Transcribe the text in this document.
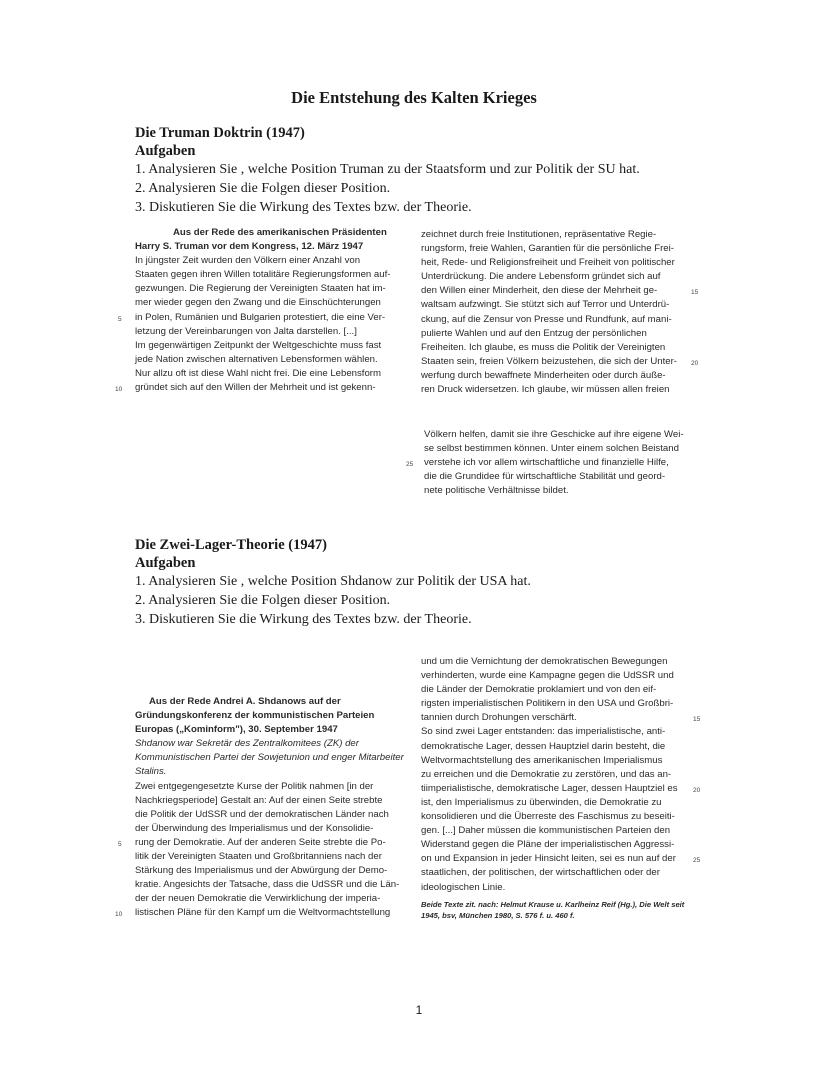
Die Entstehung des Kalten Krieges
Die Truman Doktrin (1947)
Aufgaben
1. Analysieren Sie , welche Position Truman zu der Staatsform und zur Politik der SU hat.
2. Analysieren Sie die Folgen dieser Position.
3. Diskutieren Sie die Wirkung des Textes bzw. der Theorie.
Aus der Rede des amerikanischen Präsidenten Harry S. Truman vor dem Kongress, 12. März 1947

In jüngster Zeit wurden den Völkern einer Anzahl von

Staaten gegen ihren Willen totalitäre Regierungsformen auf-

gezwungen. Die Regierung der Vereinigten Staaten hat im-

mer wieder gegen den Zwang und die Einschüchterungen

5 in Polen, Rumänien und Bulgarien protestiert, die eine Ver-

letzung der Vereinbarungen von Jalta darstellen. [...]

Im gegenwärtigen Zeitpunkt der Weltgeschichte muss fast

jede Nation zwischen alternativen Lebensformen wählen.

Nur allzu oft ist diese Wahl nicht frei. Die eine Lebensform

10 gründet sich auf den Willen der Mehrheit und ist gekenn-

zeichnet durch freie Institutionen, repräsentative Regie-

rungsform, freie Wahlen, Garantien für die persönliche Frei-

heit, Rede- und Religionsfreiheit und Freiheit von politischer

Unterdrückung. Die andere Lebensform gründet sich auf

den Willen einer Minderheit, den diese der Mehrheit ge-	15

waltsam aufzwingt. Sie stützt sich auf Terror und Unterdrü-

ckung, auf die Zensur von Presse und Rundfunk, auf mani-

pulierte Wahlen und auf den Entzug der persönlichen

Freiheiten. Ich glaube, es muss die Politik der Vereinigten

Staaten sein, freien Völkern beizustehen, die sich der Unter- 20

werfung durch bewaffnete Minderheiten oder durch äuße-

ren Druck widersetzen. Ich glaube, wir müssen allen freien

Völkern helfen, damit sie ihre Geschicke auf ihre eigene Wei-

se selbst bestimmen können. Unter einem solchen Beistand

25 verstehe ich vor allem wirtschaftliche und finanzielle Hilfe,

die die Grundidee für wirtschaftliche Stabilität und geord-

nete politische Verhältnisse bildet.

Die Zwei-Lager-Theorie (1947)
Aufgaben
1. Analysieren Sie , welche Position Shdanow zur Politik der USA hat.
2. Analysieren Sie die Folgen dieser Position.
3. Diskutieren Sie die Wirkung des Textes bzw. der Theorie.
Aus der Rede Andrei A. Shdanows auf der Gründungskonferenz der kommunistischen Parteien Europas („Kominform"), 30. September 1947
Shdanow war Sekretär des Zentralkomitees (ZK) der Kommunistischen Partei der Sowjetunion und enger Mitarbeiter Stalins.

Zwei entgegengesetzte Kurse der Politik nahmen [in der

Nachkriegsperiode] Gestalt an: Auf der einen Seite strebte

die Politik der UdSSR und der demokratischen Länder nach

der Überwindung des Imperialismus und der Konsolidie-

5 rung der Demokratie. Auf der anderen Seite strebte die Po-

litik der Vereinigten Staaten und Großbritanniens nach der

Stärkung des Imperialismus und der Abwürgung der Demo-

kratie. Angesichts der Tatsache, dass die UdSSR und die Län-

der der neuen Demokratie die Verwirklichung der imperia-

10 listischen Pläne für den Kampf um die Weltvormachtstellung

und um die Vernichtung der demokratischen Bewegungen

verhinderten, wurde eine Kampagne gegen die UdSSR und

die Länder der Demokratie proklamiert und von den eif-

rigsten imperialistischen Politikern in den USA und Großbri-

tannien durch Drohungen verschärft.	15

So sind zwei Lager entstanden: das imperialistische, anti-

demokratische Lager, dessen Hauptziel darin besteht, die

Weltvormachtstellung des amerikanischen Imperialismus

zu erreichen und die Demokratie zu zerstören, und das an-

tiimperialistische, demokratische Lager, dessen Hauptziel es 20

ist, den Imperialismus zu überwinden, die Demokratie zu

konsolidieren und die Überreste des Faschismus zu beseiti-

gen. [...] Daher müssen die kommunistischen Parteien den

Widerstand gegen die Pläne der imperialistischen Aggressi-

on und Expansion in jeder Hinsicht leiten, sei es nun auf der	25

staatlichen, der politischen, der wirtschaftlichen oder der

ideologischen Linie.

Beide Texte zit. nach: Helmut Krause u. Karlheinz Reif (Hg.), Die Welt seit 1945, bsv, München 1980, S. 576 f. u. 460 f.
1
